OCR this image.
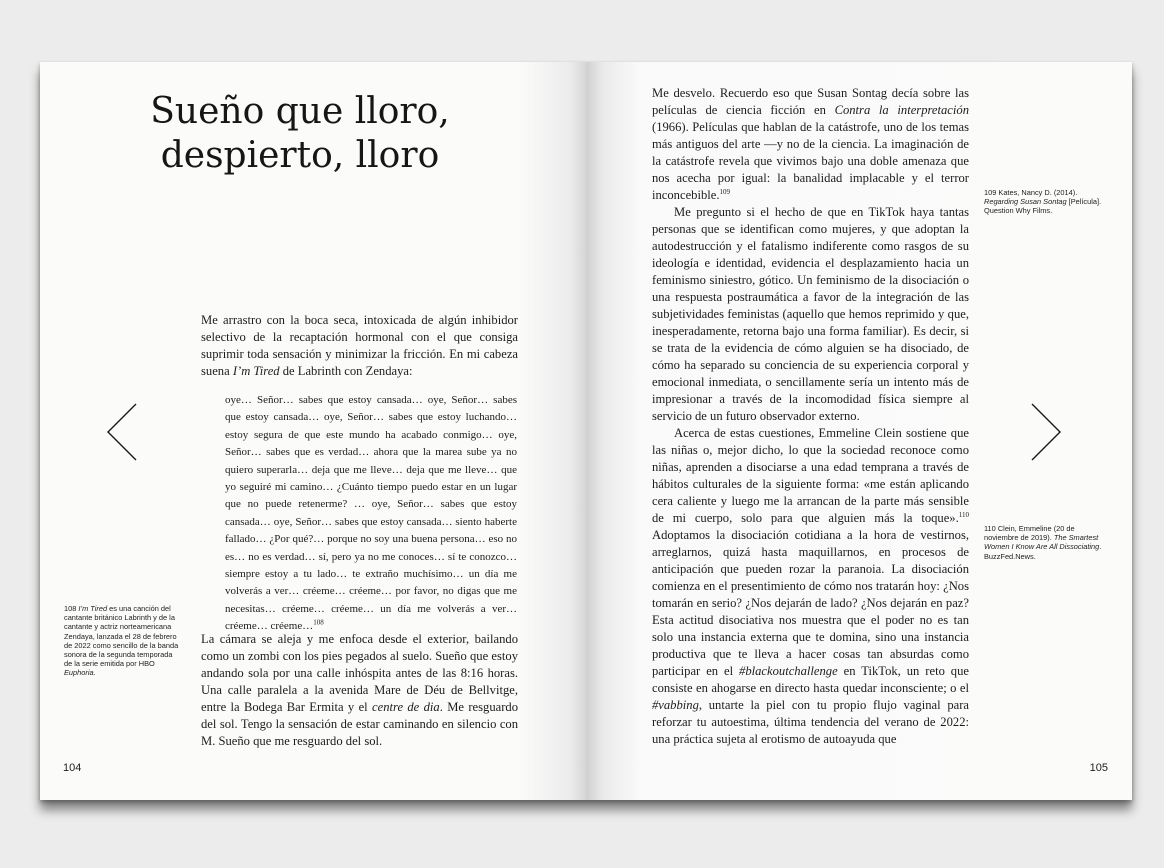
Sueño que lloro,
despierto, lloro

Me arrastro con la boca seca, intoxicada de algún inhibidor selectivo de la recaptación hormonal con el que consiga suprimir toda sensación y minimizar la fricción. En mi cabeza suena I’m Tired de Labrinth con Zendaya:

oye… Señor… sabes que estoy cansada… oye, Señor… sabes que estoy cansada… oye, Señor… sabes que estoy luchando… estoy segura de que este mundo ha acabado conmigo… oye, Señor… sabes que es verdad… ahora que la marea sube ya no quiero superarla… deja que me lleve… deja que me lleve… que yo seguiré mi camino… ¿Cuánto tiempo puedo estar en un lugar que no puede retenerme? … oye, Señor… sabes que estoy cansada… oye, Señor… sabes que estoy cansada… siento haberte fallado… ¿Por qué?… porque no soy una buena persona… eso no es… no es verdad… sí, pero ya no me conoces… sí te conozco… siempre estoy a tu lado… te extraño muchísimo… un día me volverás a ver… créeme… créeme… por favor, no digas que me necesitas… créeme… créeme… un día me volverás a ver… créeme… créeme…$^{108}$

La cámara se aleja y me enfoca desde el exterior, bailando como un zombi con los pies pegados al suelo. Sueño que estoy andando sola por una calle inhóspita antes de las 8:16 horas. Una calle paralela a la avenida Mare de Déu de Bellvitge, entre la Bodega Bar Ermita y el centre de dia. Me resguardo del sol. Tengo la sensación de estar caminando en silencio con M. Sueño que me resguardo del sol.

108 I’m Tired es una canción del cantante británico Labrinth y de la cantante y actriz norteamericana Zendaya, lanzada el 28 de febrero de 2022 como sencillo de la banda sonora de la segunda temporada de la serie emitida por HBO Euphoria.
104

Me desvelo. Recuerdo eso que Susan Sontag decía sobre las películas de ciencia ficción en Contra la interpretación (1966). Películas que hablan de la catástrofe, uno de los temas más antiguos del arte —y no de la ciencia. La imaginación de la catástrofe revela que vivimos bajo una doble amenaza que nos acecha por igual: la banalidad implacable y el terror inconcebible.$^{109}$

Me pregunto si el hecho de que en TikTok haya tantas personas que se identifican como mujeres, y que adoptan la autodestrucción y el fatalismo indiferente como rasgos de su ideología e identidad, evidencia el desplazamiento hacia un feminismo siniestro, gótico. Un feminismo de la disociación o una respuesta postraumática a favor de la integración de las subjetividades feministas (aquello que hemos reprimido y que, inesperadamente, retorna bajo una forma familiar). Es decir, si se trata de la evidencia de cómo alguien se ha disociado, de cómo ha separado su conciencia de su experiencia corporal y emocional inmediata, o sencillamente sería un intento más de impresionar a través de la incomodidad física siempre al servicio de un futuro observador externo.

Acerca de estas cuestiones, Emmeline Clein sostiene que las niñas o, mejor dicho, lo que la sociedad reconoce como niñas, aprenden a disociarse a una edad temprana a través de hábitos culturales de la siguiente forma: «me están aplicando cera caliente y luego me la arrancan de la parte más sensible de mi cuerpo, solo para que alguien más la toque».$^{110}$ Adoptamos la disociación cotidiana a la hora de vestirnos, arreglarnos, quizá hasta maquillarnos, en procesos de anticipación que pueden rozar la paranoia. La disociación comienza en el presentimiento de cómo nos tratarán hoy: ¿Nos tomarán en serio? ¿Nos dejarán de lado? ¿Nos dejarán en paz? Esta actitud disociativa nos muestra que el poder no es tan solo una instancia externa que te domina, sino una instancia productiva que te lleva a hacer cosas tan absurdas como participar en el #blackoutchallenge en TikTok, un reto que consiste en ahogarse en directo hasta quedar inconsciente; o el #vabbing, untarte la piel con tu propio flujo vaginal para reforzar tu autoestima, última tendencia del verano de 2022: una práctica sujeta al erotismo de autoayuda que

109 Kates, Nancy D. (2014). Regarding Susan Sontag [Película]. Question Why Films.
110 Clein, Emmeline (20 de noviembre de 2019). The Smartest Women I Know Are All Dissociating. BuzzFed.News.
105
